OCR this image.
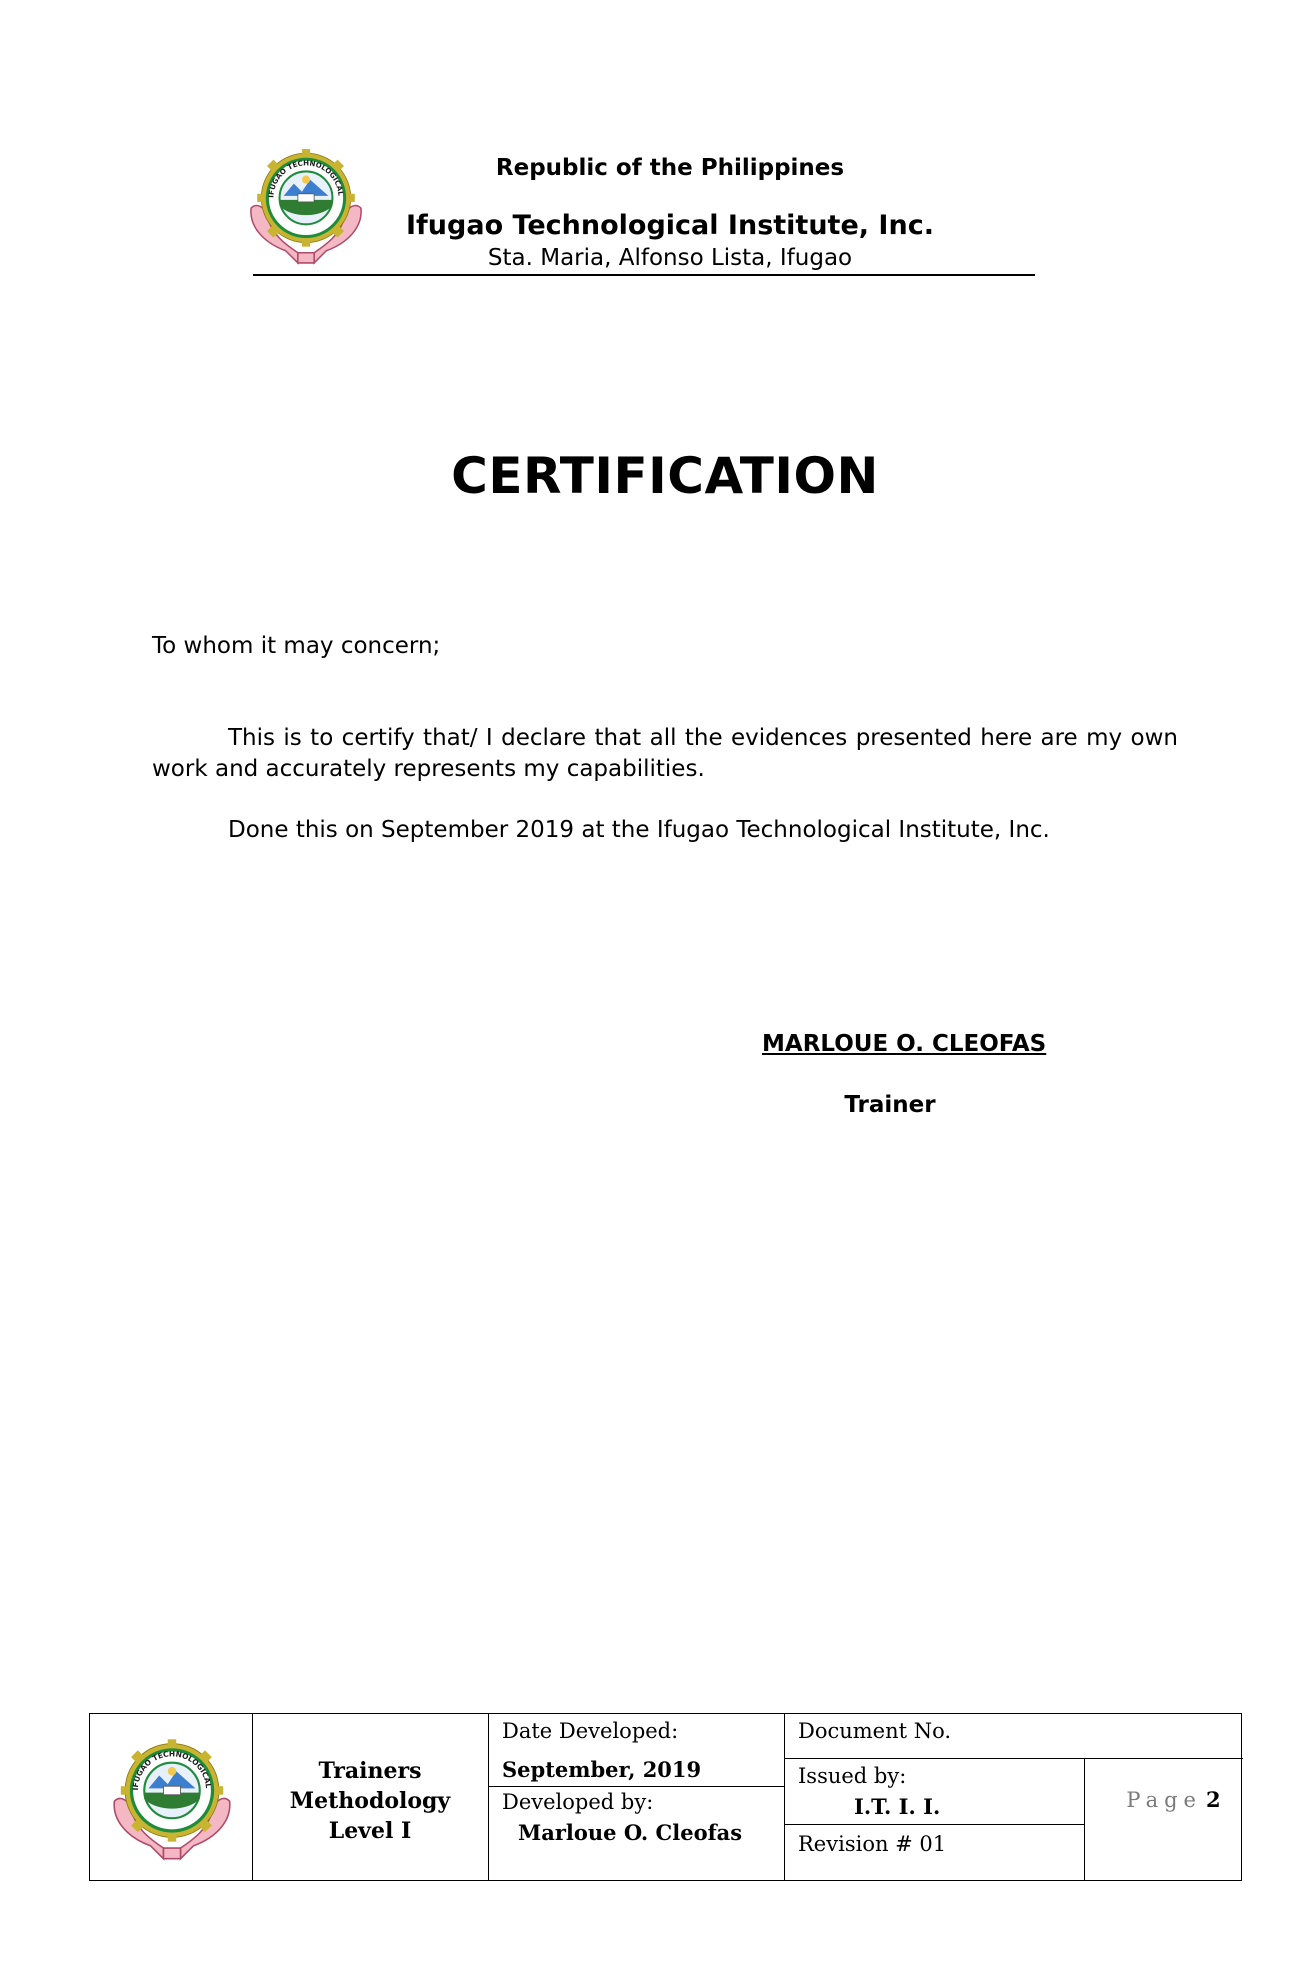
Republic of the Philippines
Ifugao Technological Institute, Inc.
Sta. Maria, Alfonso Lista, Ifugao
CERTIFICATION
To whom it may concern;
This is to certify that/ I declare that all the evidences presented here are my own work and accurately represents my capabilities.
Done this on September 2019 at the Ifugao Technological Institute, Inc.
MARLOUE O. CLEOFAS
Trainer
Trainers
Methodology
Level I
Date Developed:
September, 2019
Developed by:
Marloue O. Cleofas
Document No.
Issued by:
I.T. I. I.
Revision # 01
Page 2
